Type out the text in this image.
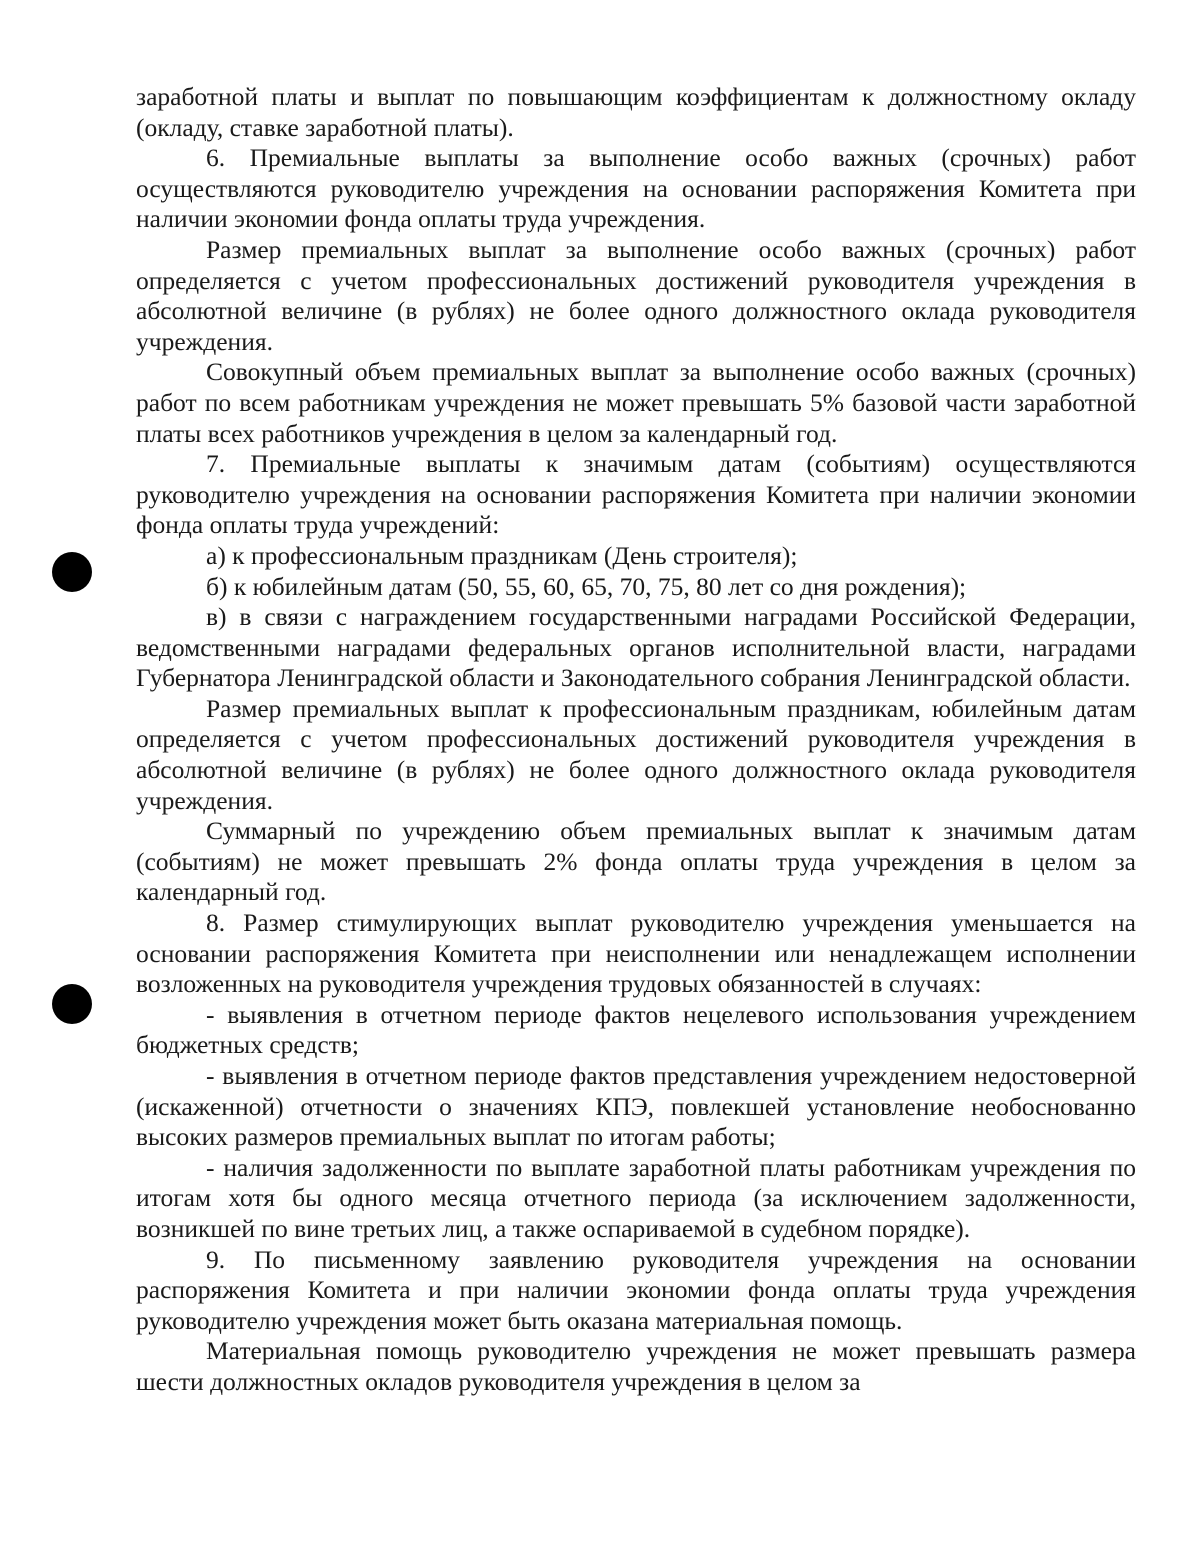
заработной платы и выплат по повышающим коэффициентам к должностному окладу (окладу, ставке заработной платы).

6. Премиальные выплаты за выполнение особо важных (срочных) работ осуществляются руководителю учреждения на основании распоряжения Комитета при наличии экономии фонда оплаты труда учреждения.

Размер премиальных выплат за выполнение особо важных (срочных) работ определяется с учетом профессиональных достижений руководителя учреждения в абсолютной величине (в рублях) не более одного должностного оклада руководителя учреждения.

Совокупный объем премиальных выплат за выполнение особо важных (срочных) работ по всем работникам учреждения не может превышать 5% базовой части заработной платы всех работников учреждения в целом за календарный год.

7. Премиальные выплаты к значимым датам (событиям) осуществляются руководителю учреждения на основании распоряжения Комитета при наличии экономии фонда оплаты труда учреждений:

а) к профессиональным праздникам (День строителя);

б) к юбилейным датам (50, 55, 60, 65, 70, 75, 80 лет со дня рождения);

в) в связи с награждением государственными наградами Российской Федерации, ведомственными наградами федеральных органов исполнительной власти, наградами Губернатора Ленинградской области и Законодательного собрания Ленинградской области.

Размер премиальных выплат к профессиональным праздникам, юбилейным датам определяется с учетом профессиональных достижений руководителя учреждения в абсолютной величине (в рублях) не более одного должностного оклада руководителя учреждения.

Суммарный по учреждению объем премиальных выплат к значимым датам (событиям) не может превышать 2% фонда оплаты труда учреждения в целом за календарный год.

8. Размер стимулирующих выплат руководителю учреждения уменьшается на основании распоряжения Комитета при неисполнении или ненадлежащем исполнении возложенных на руководителя учреждения трудовых обязанностей в случаях:

- выявления в отчетном периоде фактов нецелевого использования учреждением бюджетных средств;

- выявления в отчетном периоде фактов представления учреждением недостоверной (искаженной) отчетности о значениях КПЭ, повлекшей установление необоснованно высоких размеров премиальных выплат по итогам работы;

- наличия задолженности по выплате заработной платы работникам учреждения по итогам хотя бы одного месяца отчетного периода (за исключением задолженности, возникшей по вине третьих лиц, а также оспариваемой в судебном порядке).

9. По письменному заявлению руководителя учреждения на основании распоряжения Комитета и при наличии экономии фонда оплаты труда учреждения руководителю учреждения может быть оказана материальная помощь.

Материальная помощь руководителю учреждения не может превышать размера шести должностных окладов руководителя учреждения в целом за
